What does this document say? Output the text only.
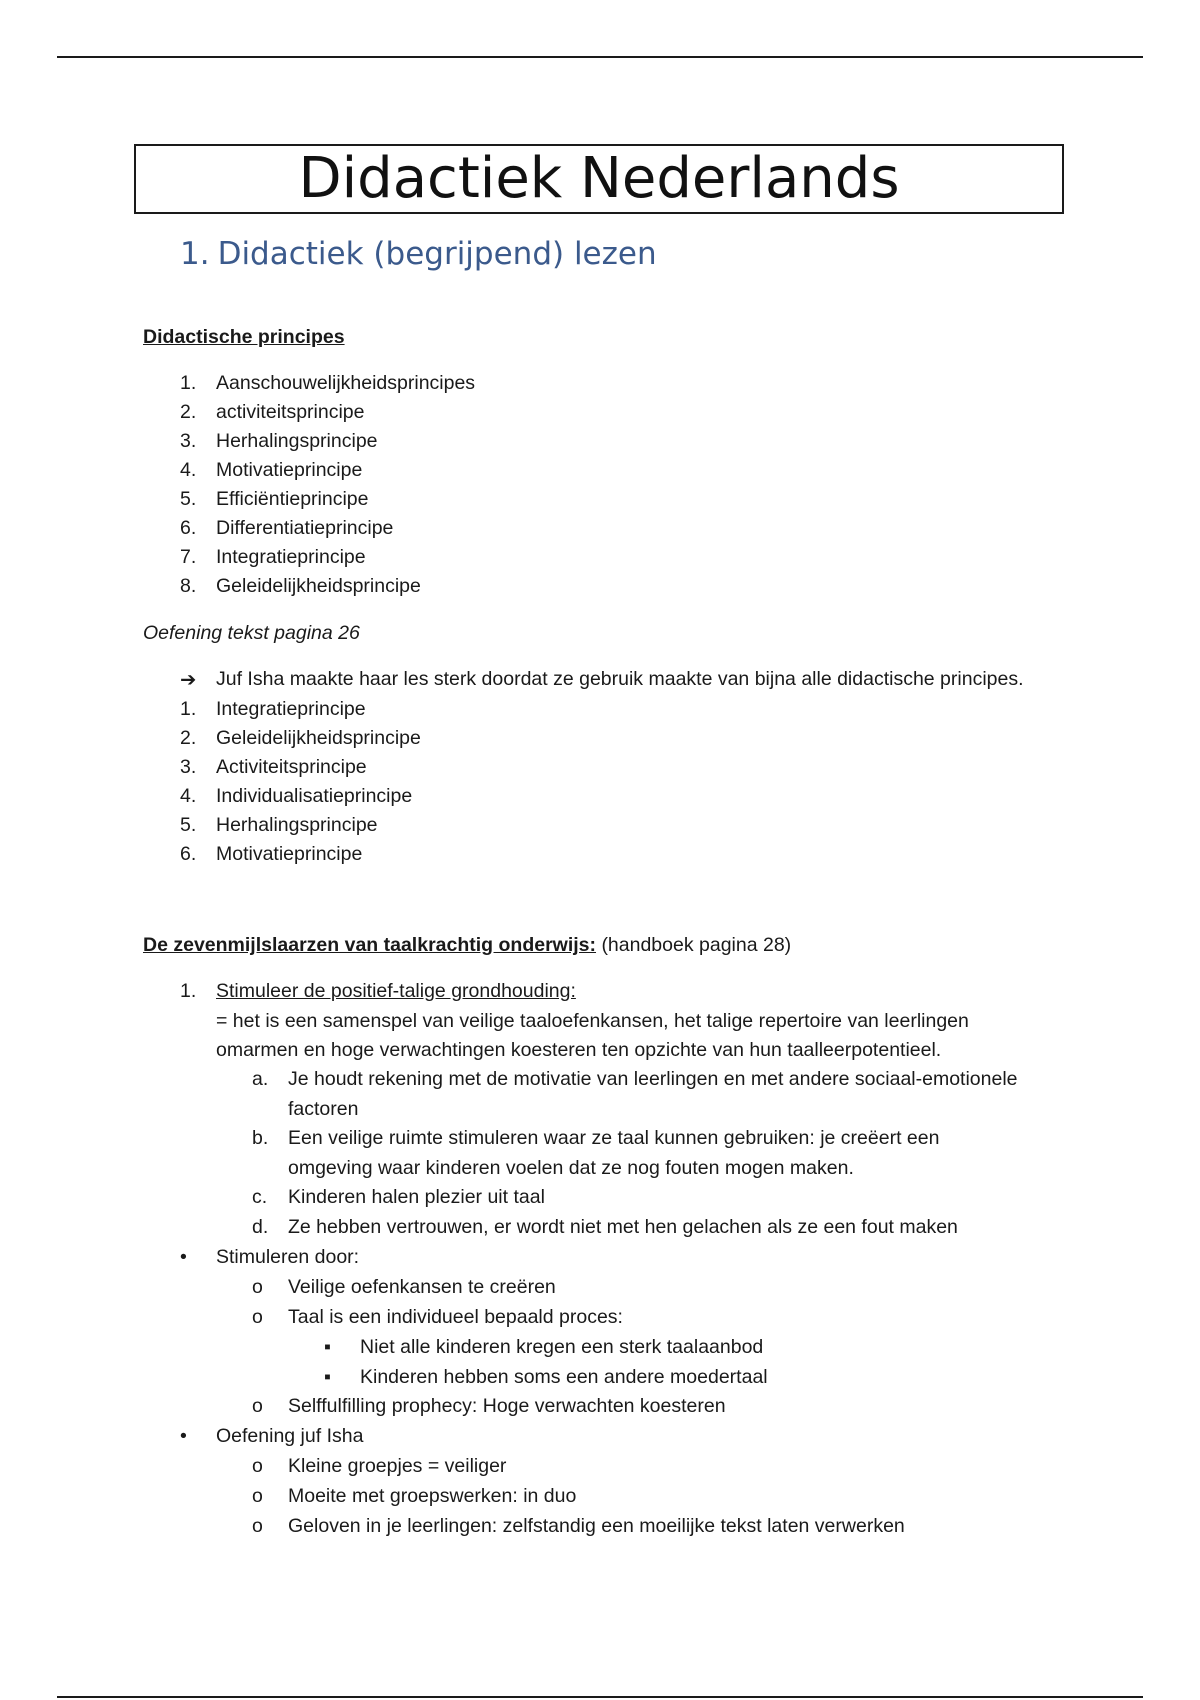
Didactiek Nederlands
1. Didactiek (begrijpend) lezen
Didactische principes
1.	Aanschouwelijkheidsprincipes
2.	activiteitsprincipe
3.	Herhalingsprincipe
4.	Motivatieprincipe
5.	Efficiëntieprincipe
6.	Differentiatieprincipe
7.	Integratieprincipe
8.	Geleidelijkheidsprincipe
Oefening tekst pagina 26
➔	Juf Isha maakte haar les sterk doordat ze gebruik maakte van bijna alle didactische principes.
1.	Integratieprincipe
2.	Geleidelijkheidsprincipe
3.	Activiteitsprincipe
4.	Individualisatieprincipe
5.	Herhalingsprincipe
6.	Motivatieprincipe
De zevenmijlslaarzen van taalkrachtig onderwijs: (handboek pagina 28)
1.	Stimuleer de positief-talige grondhouding:
= het is een samenspel van veilige taaloefenkansen, het talige repertoire van leerlingen
omarmen en hoge verwachtingen koesteren ten opzichte van hun taalleerpotentieel.
a.	Je houdt rekening met de motivatie van leerlingen en met andere sociaal-emotionele
factoren
b.	Een veilige ruimte stimuleren waar ze taal kunnen gebruiken: je creëert een
omgeving waar kinderen voelen dat ze nog fouten mogen maken.
c.	Kinderen halen plezier uit taal
d.	Ze hebben vertrouwen, er wordt niet met hen gelachen als ze een fout maken
•	Stimuleren door:
o	Veilige oefenkansen te creëren
o	Taal is een individueel bepaald proces:
▪	Niet alle kinderen kregen een sterk taalaanbod
▪	Kinderen hebben soms een andere moedertaal
o	Selffulfilling prophecy: Hoge verwachten koesteren
•	Oefening juf Isha
o	Kleine groepjes = veiliger
o	Moeite met groepswerken: in duo
o	Geloven in je leerlingen: zelfstandig een moeilijke tekst laten verwerken
